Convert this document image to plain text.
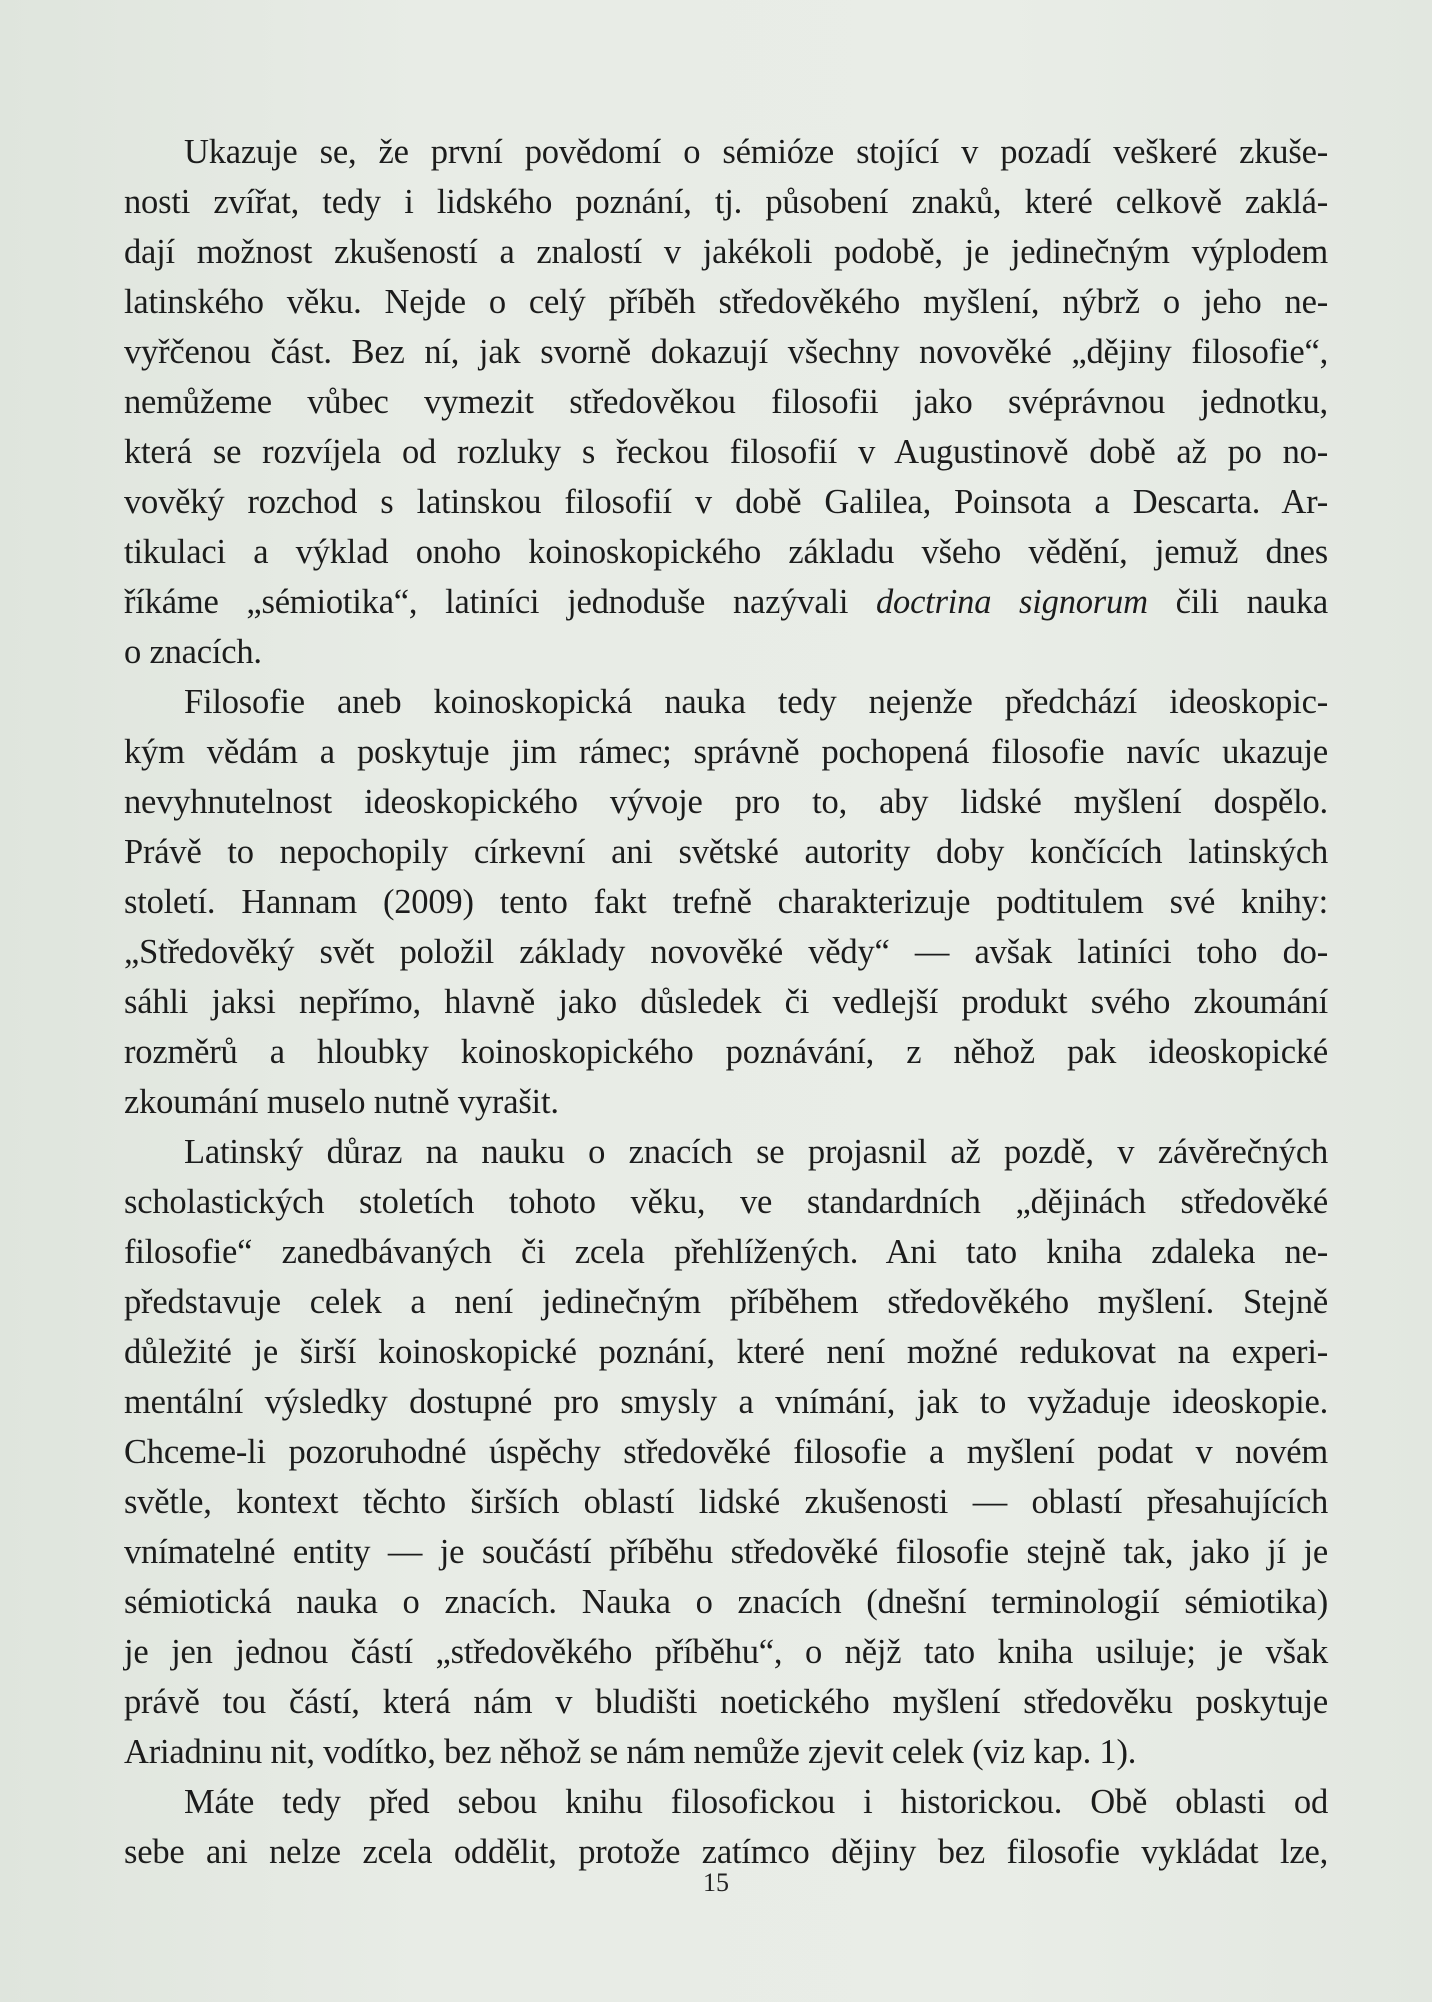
Ukazuje se, že první povědomí o sémióze stojící v pozadí veškeré zkuše-
nosti zvířat, tedy i lidského poznání, tj. působení znaků, které celkově zaklá-
dají možnost zkušeností a znalostí v jakékoli podobě, je jedinečným výplodem
latinského věku. Nejde o celý příběh středověkého myšlení, nýbrž o jeho ne-
vyřčenou část. Bez ní, jak svorně dokazují všechny novověké „dějiny filosofie“,
nemůžeme vůbec vymezit středověkou filosofii jako svéprávnou jednotku,
která se rozvíjela od rozluky s řeckou filosofií v Augustinově době až po no-
vověký rozchod s latinskou filosofií v době Galilea, Poinsota a Descarta. Ar-
tikulaci a výklad onoho koinoskopického základu všeho vědění, jemuž dnes
říkáme „sémiotika“, latiníci jednoduše nazývali doctrina signorum čili nauka
o znacích.
Filosofie aneb koinoskopická nauka tedy nejenže předchází ideoskopic-
kým vědám a poskytuje jim rámec; správně pochopená filosofie navíc ukazuje
nevyhnutelnost ideoskopického vývoje pro to, aby lidské myšlení dospělo.
Právě to nepochopily církevní ani světské autority doby končících latinských
století. Hannam (2009) tento fakt trefně charakterizuje podtitulem své knihy:
„Středověký svět položil základy novověké vědy“ — avšak latiníci toho do-
sáhli jaksi nepřímo, hlavně jako důsledek či vedlejší produkt svého zkoumání
rozměrů a hloubky koinoskopického poznávání, z něhož pak ideoskopické
zkoumání muselo nutně vyrašit.
Latinský důraz na nauku o znacích se projasnil až pozdě, v závěrečných
scholastických stoletích tohoto věku, ve standardních „dějinách středověké
filosofie“ zanedbávaných či zcela přehlížených. Ani tato kniha zdaleka ne-
představuje celek a není jedinečným příběhem středověkého myšlení. Stejně
důležité je širší koinoskopické poznání, které není možné redukovat na experi-
mentální výsledky dostupné pro smysly a vnímání, jak to vyžaduje ideoskopie.
Chceme-li pozoruhodné úspěchy středověké filosofie a myšlení podat v novém
světle, kontext těchto širších oblastí lidské zkušenosti — oblastí přesahujících
vnímatelné entity — je součástí příběhu středověké filosofie stejně tak, jako jí je
sémiotická nauka o znacích. Nauka o znacích (dnešní terminologií sémiotika)
je jen jednou částí „středověkého příběhu“, o nějž tato kniha usiluje; je však
právě tou částí, která nám v bludišti noetického myšlení středověku poskytuje
Ariadninu nit, vodítko, bez něhož se nám nemůže zjevit celek (viz kap. 1).
Máte tedy před sebou knihu filosofickou i historickou. Obě oblasti od
sebe ani nelze zcela oddělit, protože zatímco dějiny bez filosofie vykládat lze,
15
